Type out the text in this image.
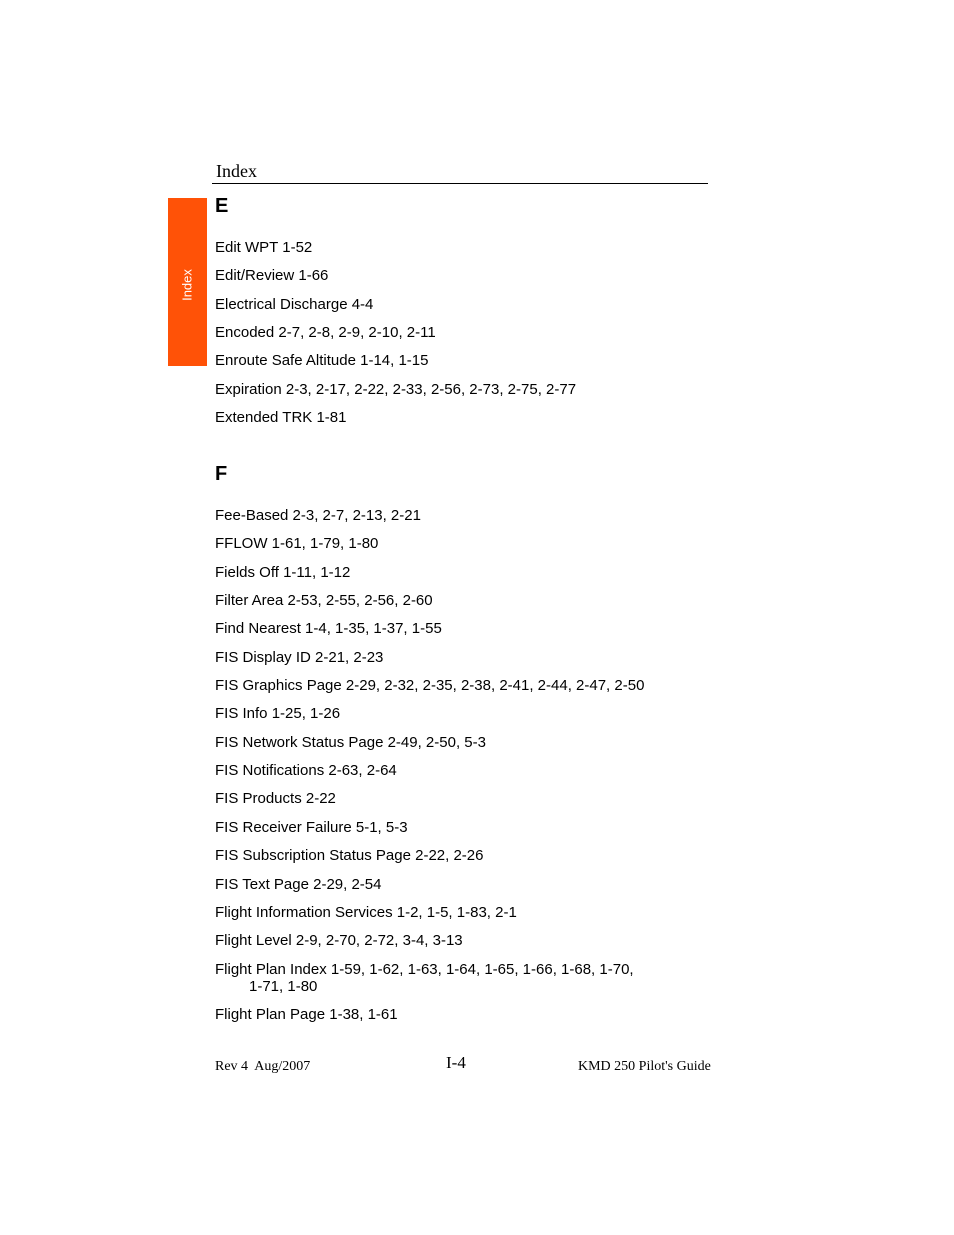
Index
Index
E
Edit WPT 1-52
Edit/Review 1-66
Electrical Discharge 4-4
Encoded 2-7, 2-8, 2-9, 2-10, 2-11
Enroute Safe Altitude 1-14, 1-15
Expiration 2-3, 2-17, 2-22, 2-33, 2-56, 2-73, 2-75, 2-77
Extended TRK 1-81
F
Fee-Based 2-3, 2-7, 2-13, 2-21
FFLOW 1-61, 1-79, 1-80
Fields Off 1-11, 1-12
Filter Area 2-53, 2-55, 2-56, 2-60
Find Nearest 1-4, 1-35, 1-37, 1-55
FIS Display ID 2-21, 2-23
FIS Graphics Page 2-29, 2-32, 2-35, 2-38, 2-41, 2-44, 2-47, 2-50
FIS Info 1-25, 1-26
FIS Network Status Page 2-49, 2-50, 5-3
FIS Notifications 2-63, 2-64
FIS Products 2-22
FIS Receiver Failure 5-1, 5-3
FIS Subscription Status Page 2-22, 2-26
FIS Text Page 2-29, 2-54
Flight Information Services 1-2, 1-5, 1-83, 2-1
Flight Level 2-9, 2-70, 2-72, 3-4, 3-13
Flight Plan Index 1-59, 1-62, 1-63, 1-64, 1-65, 1-66, 1-68, 1-70,
1-71, 1-80
Flight Plan Page 1-38, 1-61
Rev 4  Aug/2007	I-4	KMD 250 Pilot's Guide
